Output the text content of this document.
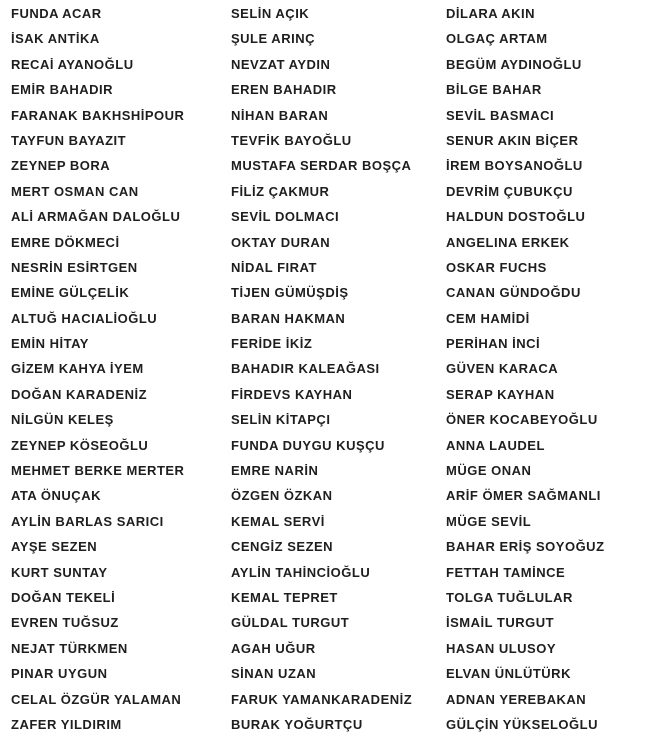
FUNDA ACAR
İSAK ANTİKA
RECAİ AYANOĞLU
EMİR BAHADIR
FARANAK BAKHSHİPOUR
TAYFUN BAYAZIT
ZEYNEP BORA
MERT OSMAN CAN
ALİ ARMAĞAN DALOĞLU
EMRE DÖKMECİ
NESRİN ESİRTGEN
EMİNE GÜLÇELİK
ALTUĞ HACIALİOĞLU
EMİN HİTAY
GİZEM KAHYA İYEM
DOĞAN KARADENİZ
NİLGÜN KELEŞ
ZEYNEP KÖSEOĞLU
MEHMET BERKE MERTER
ATA ÖNUÇAK
AYLİN BARLAS SARICI
AYŞE SEZEN
KURT SUNTAY
DOĞAN TEKELİ
EVREN TUĞSUZ
NEJAT TÜRKMEN
PINAR UYGUN
CELAL ÖZGÜR YALAMAN
ZAFER YILDIRIM
SELİN AÇIK
ŞULE ARINÇ
NEVZAT AYDIN
EREN BAHADIR
NİHAN BARAN
TEVFİK BAYOĞLU
MUSTAFA SERDAR BOŞÇA
FİLİZ ÇAKMUR
SEVİL DOLMACI
OKTAY DURAN
NİDAL FIRAT
TİJEN GÜMÜŞDİŞ
BARAN HAKMAN
FERİDE İKİZ
BAHADIR KALEAĞASI
FİRDEVS KAYHAN
SELİN KİTAPÇI
FUNDA DUYGU KUŞÇU
EMRE NARİN
ÖZGEN ÖZKAN
KEMAL SERVİ
CENGİZ SEZEN
AYLİN TAHİNCİOĞLU
KEMAL TEPRET
GÜLDAL TURGUT
AGAH UĞUR
SİNAN UZAN
FARUK YAMANKARADENİZ
BURAK YOĞURTÇU
DİLARA AKIN
OLGAÇ ARTAM
BEGÜM AYDINOĞLU
BİLGE BAHAR
SEVİL BASMACI
SENUR AKIN BİÇER
İREM BOYSANOĞLU
DEVRİM ÇUBUKÇU
HALDUN DOSTOĞLU
ANGELINA ERKEK
OSKAR FUCHS
CANAN GÜNDOĞDU
CEM HAMİDİ
PERİHAN İNCİ
GÜVEN KARACA
SERAP KAYHAN
ÖNER KOCABEYOĞLU
ANNA LAUDEL
MÜGE ONAN
ARİF ÖMER SAĞMANLI
MÜGE SEVİL
BAHAR ERİŞ SOYOĞUZ
FETTAH TAMİNCE
TOLGA TUĞLULAR
İSMAİL TURGUT
HASAN ULUSOY
ELVAN ÜNLÜTÜRK
ADNAN YEREBAKAN
GÜLÇİN YÜKSELOĞLU
